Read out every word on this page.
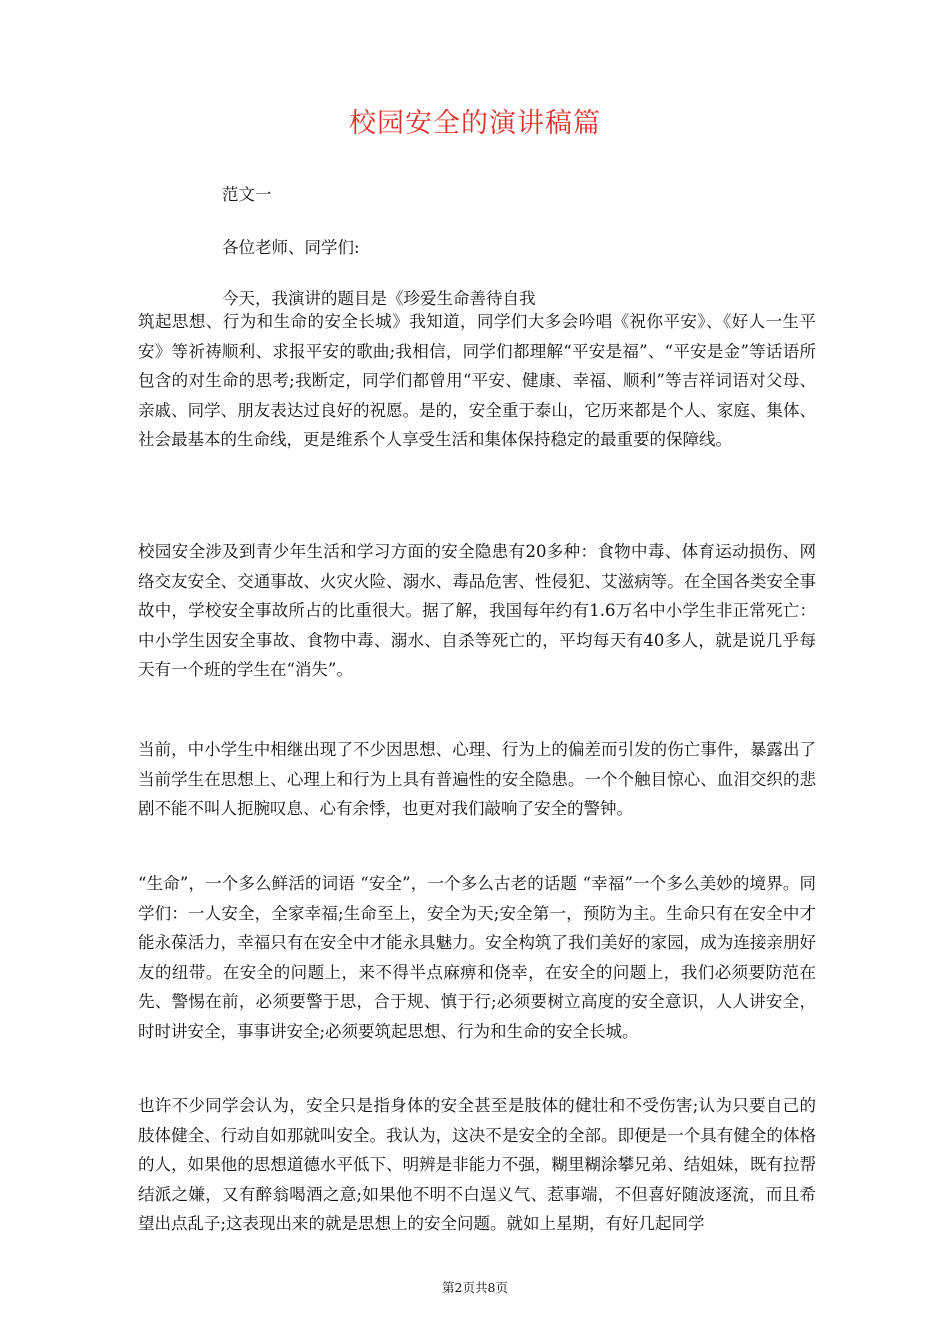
校园安全的演讲稿篇
范文一
各位老师、同学们:
今天，我演讲的题目是《珍爱生命善待自我
筑起思想、行为和生命的安全长城》我知道，同学们大多会吟唱《祝你平安》、《好人一生平安》等祈祷顺利、求报平安的歌曲;我相信，同学们都理解“平安是福”、“平安是金”等话语所包含的对生命的思考;我断定，同学们都曾用“平安、健康、幸福、顺利”等吉祥词语对父母、亲戚、同学、朋友表达过良好的祝愿。是的，安全重于泰山，它历来都是个人、家庭、集体、社会最基本的生命线，更是维系个人享受生活和集体保持稳定的最重要的保障线。
校园安全涉及到青少年生活和学习方面的安全隐患有20多种：食物中毒、体育运动损伤、网络交友安全、交通事故、火灾火险、溺水、毒品危害、性侵犯、艾滋病等。在全国各类安全事故中，学校安全事故所占的比重很大。据了解，我国每年约有1.6万名中小学生非正常死亡：中小学生因安全事故、食物中毒、溺水、自杀等死亡的，平均每天有40多人，就是说几乎每天有一个班的学生在“消失”。
当前，中小学生中相继出现了不少因思想、心理、行为上的偏差而引发的伤亡事件，暴露出了当前学生在思想上、心理上和行为上具有普遍性的安全隐患。一个个触目惊心、血泪交织的悲剧不能不叫人扼腕叹息、心有余悸，也更对我们敲响了安全的警钟。
“生命”，一个多么鲜活的词语 “安全”，一个多么古老的话题 “幸福”一个多么美妙的境界。同学们：一人安全，全家幸福;生命至上，安全为天;安全第一，预防为主。生命只有在安全中才能永葆活力，幸福只有在安全中才能永具魅力。安全构筑了我们美好的家园，成为连接亲朋好友的纽带。在安全的问题上，来不得半点麻痹和侥幸，在安全的问题上，我们必须要防范在先、警惕在前，必须要警于思，合于规、慎于行;必须要树立高度的安全意识，人人讲安全，时时讲安全，事事讲安全;必须要筑起思想、行为和生命的安全长城。
也许不少同学会认为，安全只是指身体的安全甚至是肢体的健壮和不受伤害;认为只要自己的肢体健全、行动自如那就叫安全。我认为，这决不是安全的全部。即便是一个具有健全的体格的人，如果他的思想道德水平低下、明辨是非能力不强，糊里糊涂攀兄弟、结姐妹，既有拉帮结派之嫌，又有醉翁喝酒之意;如果他不明不白逞义气、惹事端，不但喜好随波逐流，而且希望出点乱子;这表现出来的就是思想上的安全问题。就如上星期，有好几起同学
第2页共8页
